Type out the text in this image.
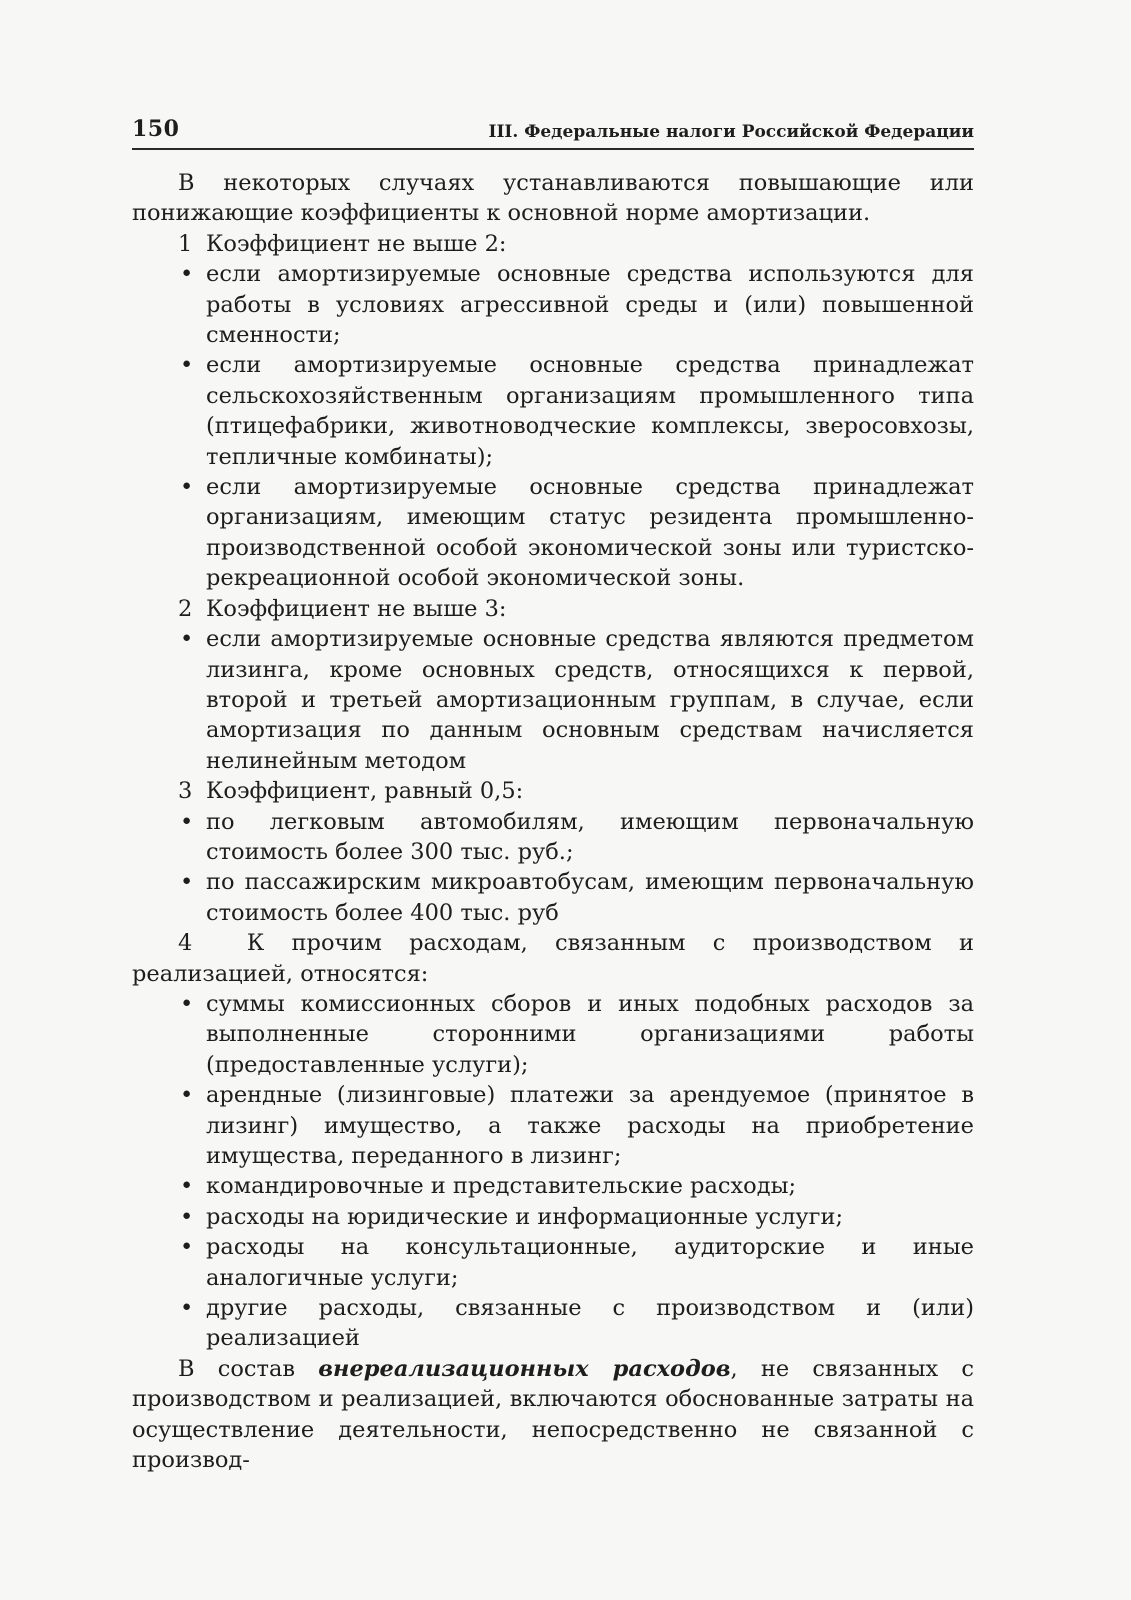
150	III. Федеральные налоги Российской Федерации

В некоторых случаях устанавливаются повышающие или понижающие коэффициенты к основной норме амортизации.

1 Коэффициент не выше 2:

• если амортизируемые основные средства используются для работы в условиях агрессивной среды и (или) повышенной сменности;

• если амортизируемые основные средства принадлежат сельскохозяйственным организациям промышленного типа (птицефабрики, животноводческие комплексы, зверосовхозы, тепличные комбинаты);

• если амортизируемые основные средства принадлежат организациям, имеющим статус резидента промышленно-производственной особой экономической зоны или туристско-рекреационной особой экономической зоны.

2 Коэффициент не выше 3:

• если амортизируемые основные средства являются предметом лизинга, кроме основных средств, относящихся к первой, второй и третьей амортизационным группам, в случае, если амортизация по данным основным средствам начисляется нелинейным методом

3 Коэффициент, равный 0,5:

• по легковым автомобилям, имеющим первоначальную стоимость более 300 тыс. руб.;

• по пассажирским микроавтобусам, имеющим первоначальную стоимость более 400 тыс. руб

4 К прочим расходам, связанным с производством и реализацией, относятся:

• суммы комиссионных сборов и иных подобных расходов за выполненные сторонними организациями работы (предоставленные услуги);

• арендные (лизинговые) платежи за арендуемое (принятое в лизинг) имущество, а также расходы на приобретение имущества, переданного в лизинг;

• командировочные и представительские расходы;

• расходы на юридические и информационные услуги;

• расходы на консультационные, аудиторские и иные аналогичные услуги;

• другие расходы, связанные с производством и (или) реализацией

В состав внереализационных расходов, не связанных с производством и реализацией, включаются обоснованные затраты на осуществление деятельности, непосредственно не связанной с производ-
